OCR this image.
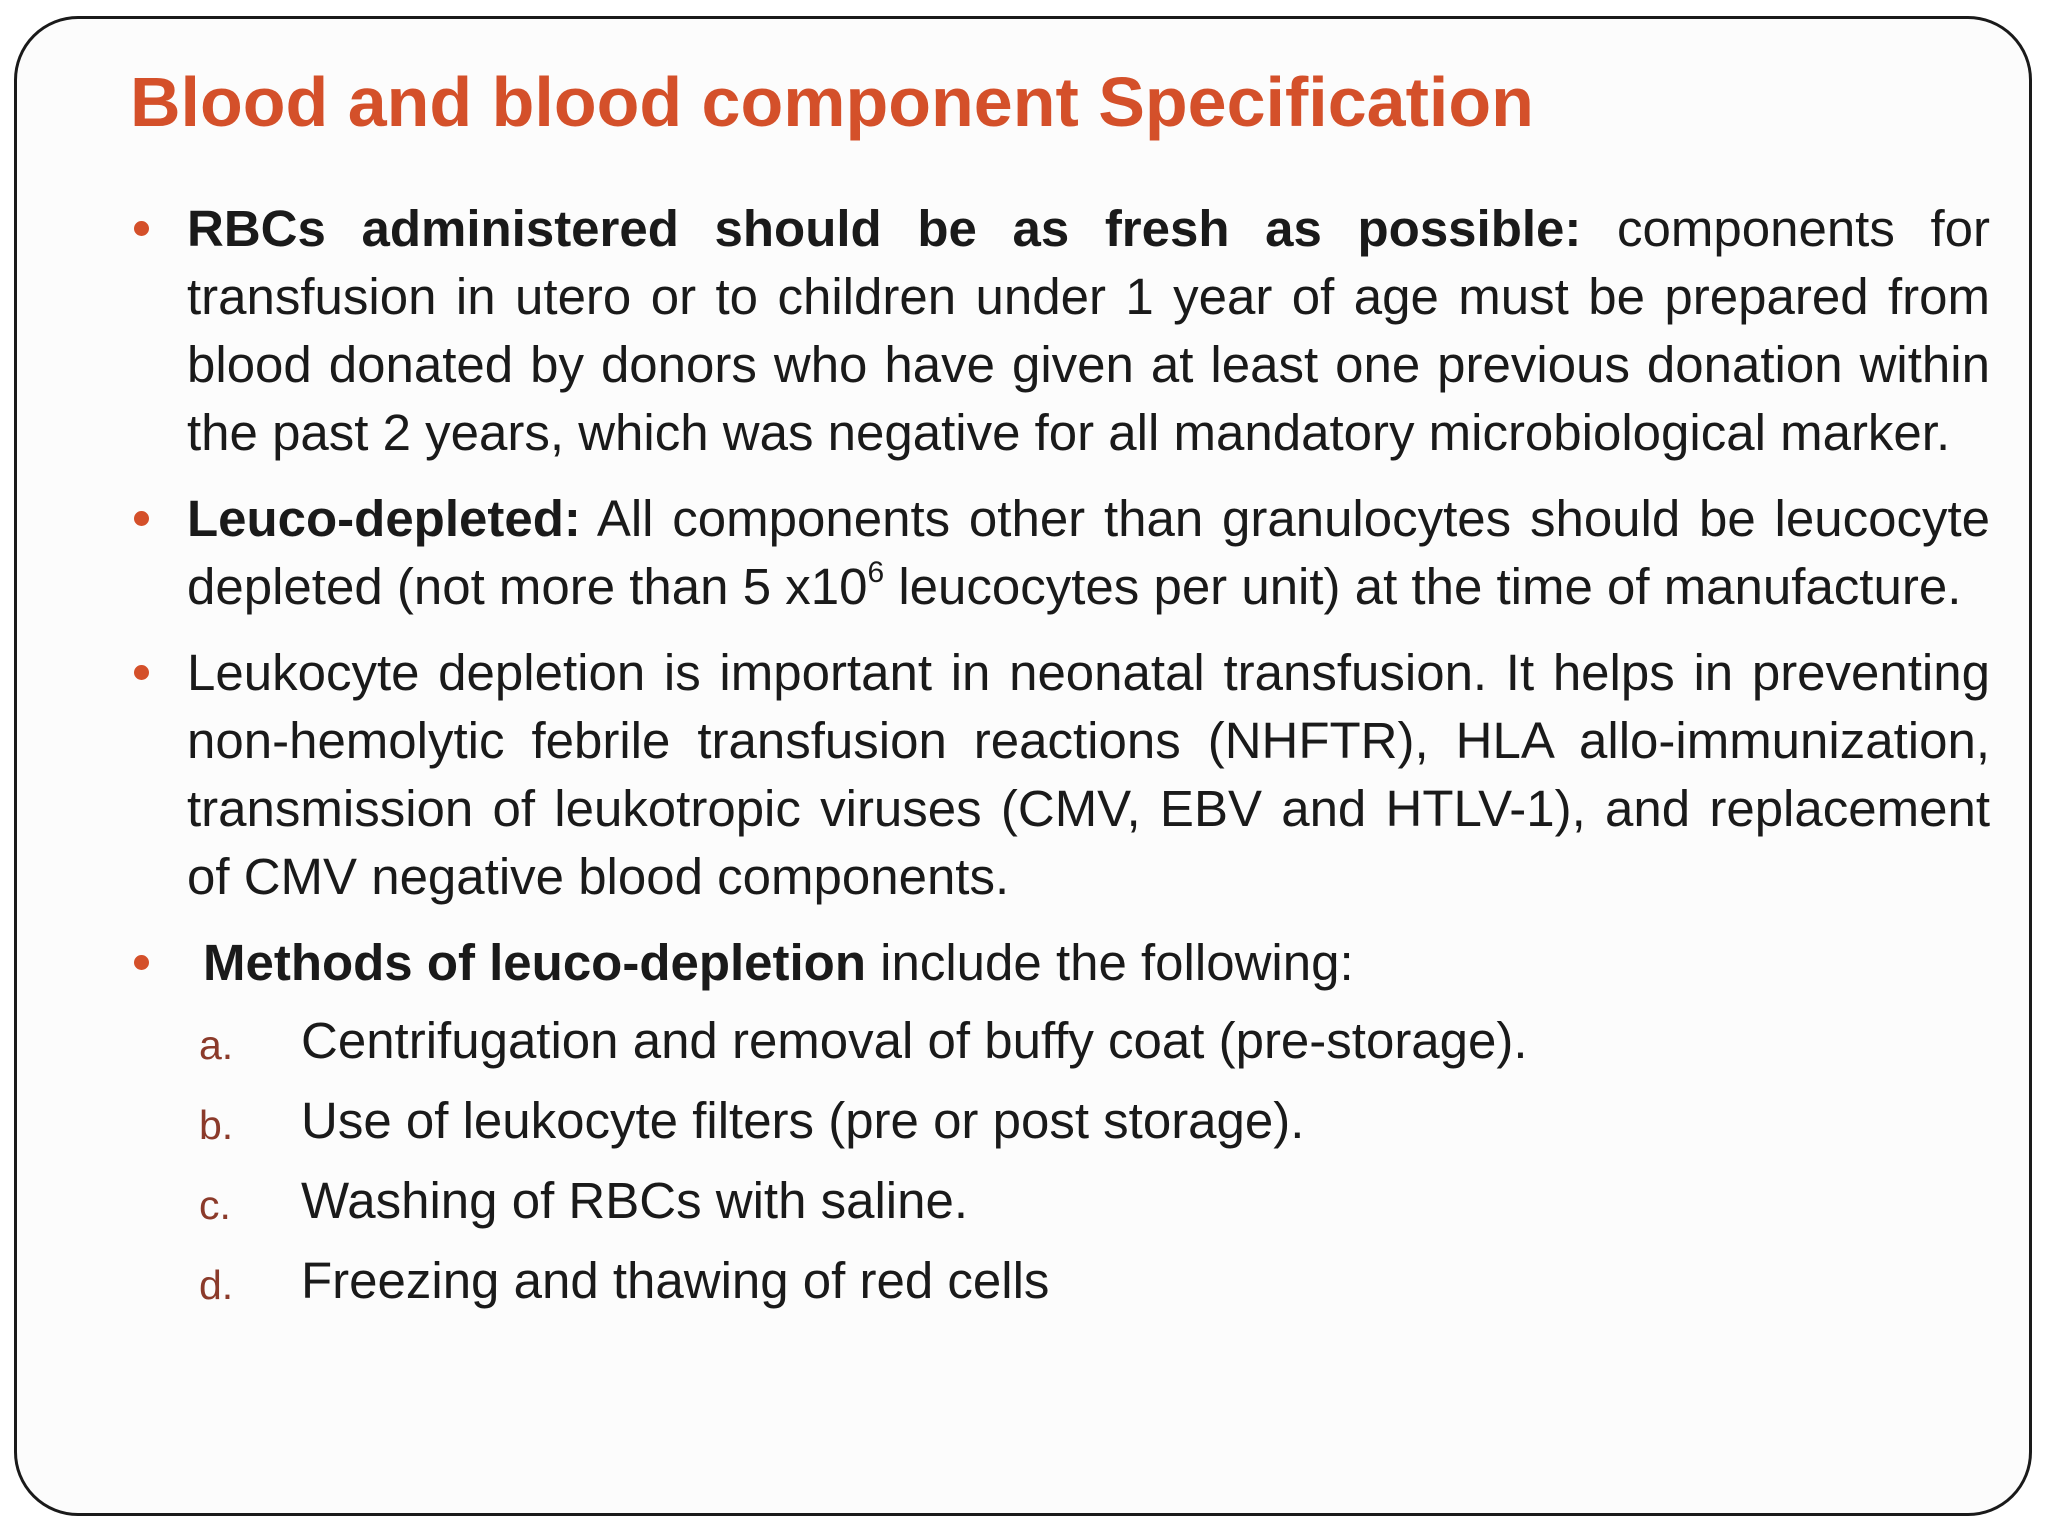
Blood and blood component Specification
RBCs administered should be as fresh as possible: components for transfusion in utero or to children under 1 year of age must be prepared from blood donated by donors who have given at least one previous donation within the past 2 years, which was negative for all mandatory microbiological marker.
Leuco-depleted: All components other than granulocytes should be leucocyte depleted (not more than 5 $x10^6$ leucocytes per unit) at the time of manufacture.
Leukocyte depletion is important in neonatal transfusion. It helps in preventing non-hemolytic febrile transfusion reactions (NHFTR), HLA allo-immunization, transmission of leukotropic viruses (CMV, EBV and HTLV-1), and replacement of CMV negative blood components.
Methods of leuco-depletion include the following:
a. Centrifugation and removal of buffy coat (pre-storage).
b. Use of leukocyte filters (pre or post storage).
c. Washing of RBCs with saline.
d. Freezing and thawing of red cells
